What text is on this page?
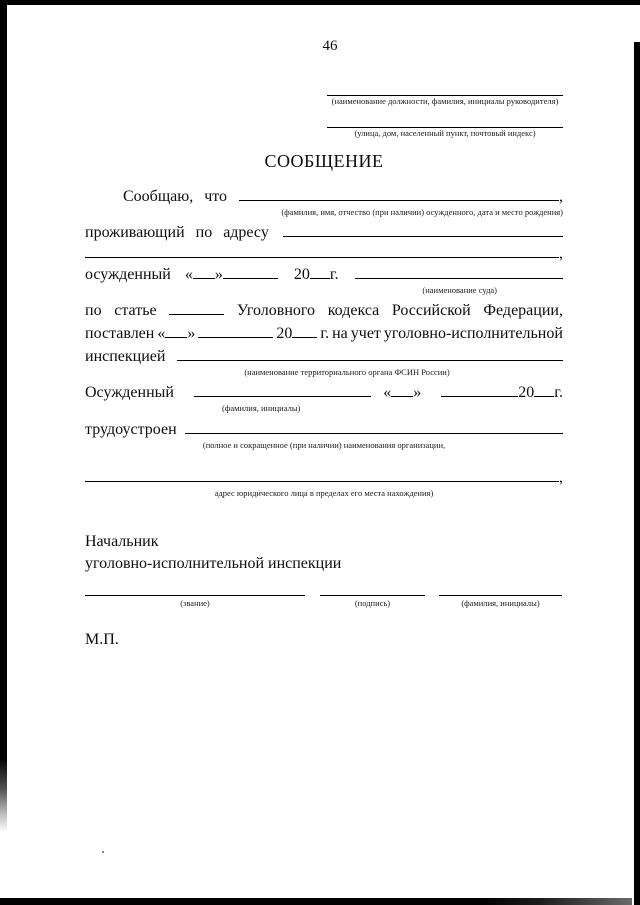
46
(наименование должности, фамилия, инициалы руководителя)
(улица, дом, населенный пункт, почтовый индекс)
СООБЩЕНИЕ
Сообщаю, что	,
(фамилия, имя, отчество (при наличии) осужденного, дата и место рождения)
проживающий по адресу
,
осужденный « »	20 г.
(наименование суда)
по статье	Уголовного кодекса Российской Федерации,
поставлен « »	20	г. на учет уголовно-исполнительной
инспекцией
(наименование территориального органа ФСИН России)
Осужденный	« »	20 г.
(фамилия, инициалы)
трудоустроен
(полное и сокращенное (при наличии) наименования организации,
,
адрес юридического лица в пределах его места нахождения)
Начальник
уголовно-исполнительной инспекции
(звание)	(подпись)	(фамилия, инициалы)
М.П.
